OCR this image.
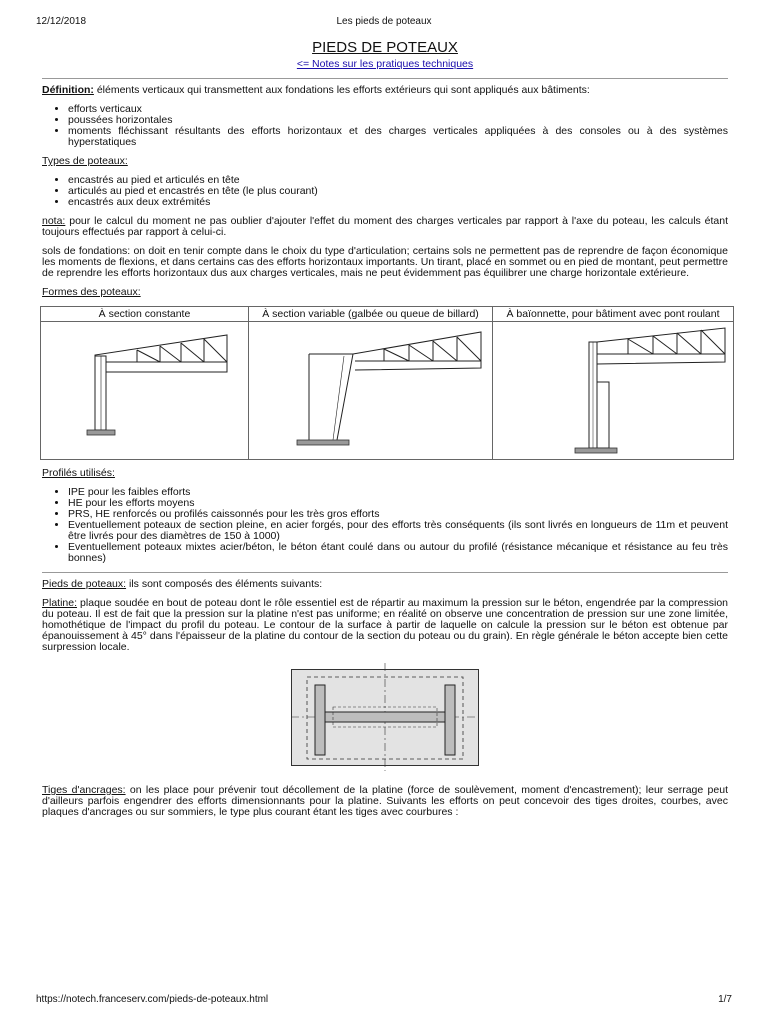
12/12/2018	Les pieds de poteaux
PIEDS DE POTEAUX
<= Notes sur les pratiques techniques

Définition: éléments verticaux qui transmettent aux fondations les efforts extérieurs qui sont appliqués aux bâtiments:

• efforts verticaux
• poussées horizontales
• moments fléchissant résultants des efforts horizontaux et des charges verticales appliquées à des consoles ou à des systèmes hyperstatiques

Types de poteaux:

• encastrés au pied et articulés en tête
• articulés au pied et encastrés en tête (le plus courant)
• encastrés aux deux extrémités

nota: pour le calcul du moment ne pas oublier d'ajouter l'effet du moment des charges verticales par rapport à l'axe du poteau, les calculs étant toujours effectués par rapport à celui-ci.

sols de fondations: on doit en tenir compte dans le choix du type d'articulation; certains sols ne permettent pas de reprendre de façon économique les moments de flexions, et dans certains cas des efforts horizontaux importants. Un tirant, placé en sommet ou en pied de montant, peut permettre de reprendre les efforts horizontaux dus aux charges verticales, mais ne peut évidemment pas équilibrer une charge horizontale extérieure.

Formes des poteaux:

À section constante	À section variable (galbée ou queue de billard)	À baïonnette, pour bâtiment avec pont roulant

Profilés utilisés:

• IPE pour les faibles efforts
• HE pour les efforts moyens
• PRS, HE renforcés ou profilés caissonnés pour les très gros efforts
• Eventuellement poteaux de section pleine, en acier forgés, pour des efforts très conséquents (ils sont livrés en longueurs de 11m et peuvent être livrés pour des diamètres de 150 à 1000)
• Eventuellement poteaux mixtes acier/béton, le béton étant coulé dans ou autour du profilé (résistance mécanique et résistance au feu très bonnes)

Pieds de poteaux: ils sont composés des éléments suivants:

Platine: plaque soudée en bout de poteau dont le rôle essentiel est de répartir au maximum la pression sur le béton, engendrée par la compression du poteau. Il est de fait que la pression sur la platine n'est pas uniforme; en réalité on observe une concentration de pression sur une zone limitée, homothétique de l'impact du profil du poteau. Le contour de la surface à partir de laquelle on calcule la pression sur le béton est obtenue par épanouissement à 45° dans l'épaisseur de la platine du contour de la section du poteau ou du grain). En règle générale le béton accepte bien cette surpression locale.

Tiges d'ancrages: on les place pour prévenir tout décollement de la platine (force de soulèvement, moment d'encastrement); leur serrage peut d'ailleurs parfois engendrer des efforts dimensionnants pour la platine. Suivants les efforts on peut concevoir des tiges droites, courbes, avec plaques d'ancrages ou sur sommiers, le type plus courant étant les tiges avec courbures :

https://notech.franceserv.com/pieds-de-poteaux.html	1/7
